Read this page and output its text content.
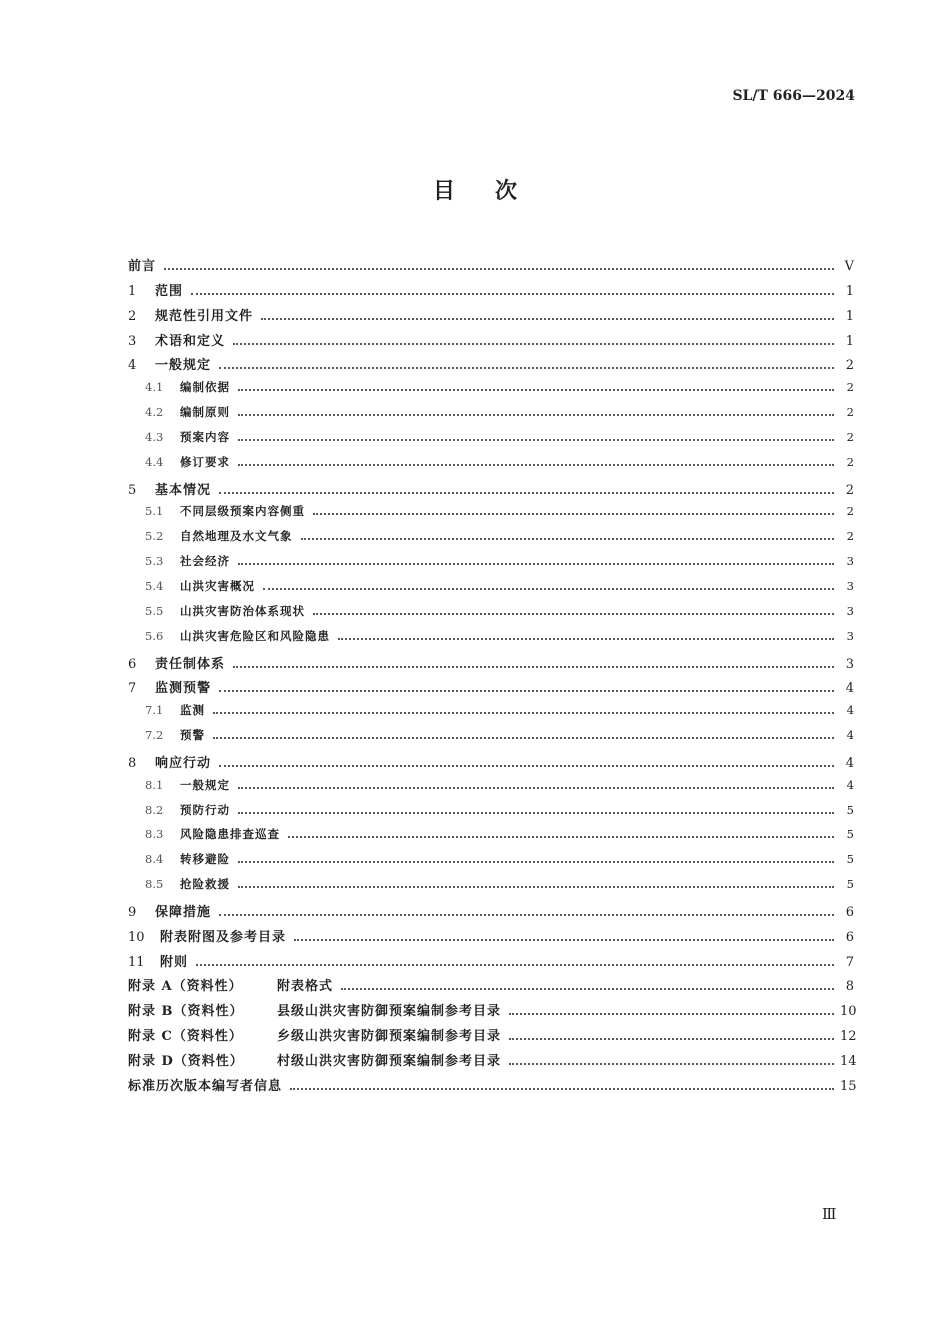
SL/T 666—2024
目次
前言	V
1	范围	1
2	规范性引用文件	1
3	术语和定义	1
4	一般规定	2
4.1	编制依据	2
4.2	编制原则	2
4.3	预案内容	2
4.4	修订要求	2
5	基本情况	2
5.1	不同层级预案内容侧重	2
5.2	自然地理及水文气象	2
5.3	社会经济	3
5.4	山洪灾害概况	3
5.5	山洪灾害防治体系现状	3
5.6	山洪灾害危险区和风险隐患	3
6	责任制体系	3
7	监测预警	4
7.1	监测	4
7.2	预警	4
8	响应行动	4
8.1	一般规定	4
8.2	预防行动	5
8.3	风险隐患排查巡查	5
8.4	转移避险	5
8.5	抢险救援	5
9	保障措施	6
10	附表附图及参考目录	6
11	附则	7
附录 A（资料性）	附表格式	8
附录 B（资料性）	县级山洪灾害防御预案编制参考目录	10
附录 C（资料性）	乡级山洪灾害防御预案编制参考目录	12
附录 D（资料性）	村级山洪灾害防御预案编制参考目录	14
标准历次版本编写者信息	15
Ⅲ
